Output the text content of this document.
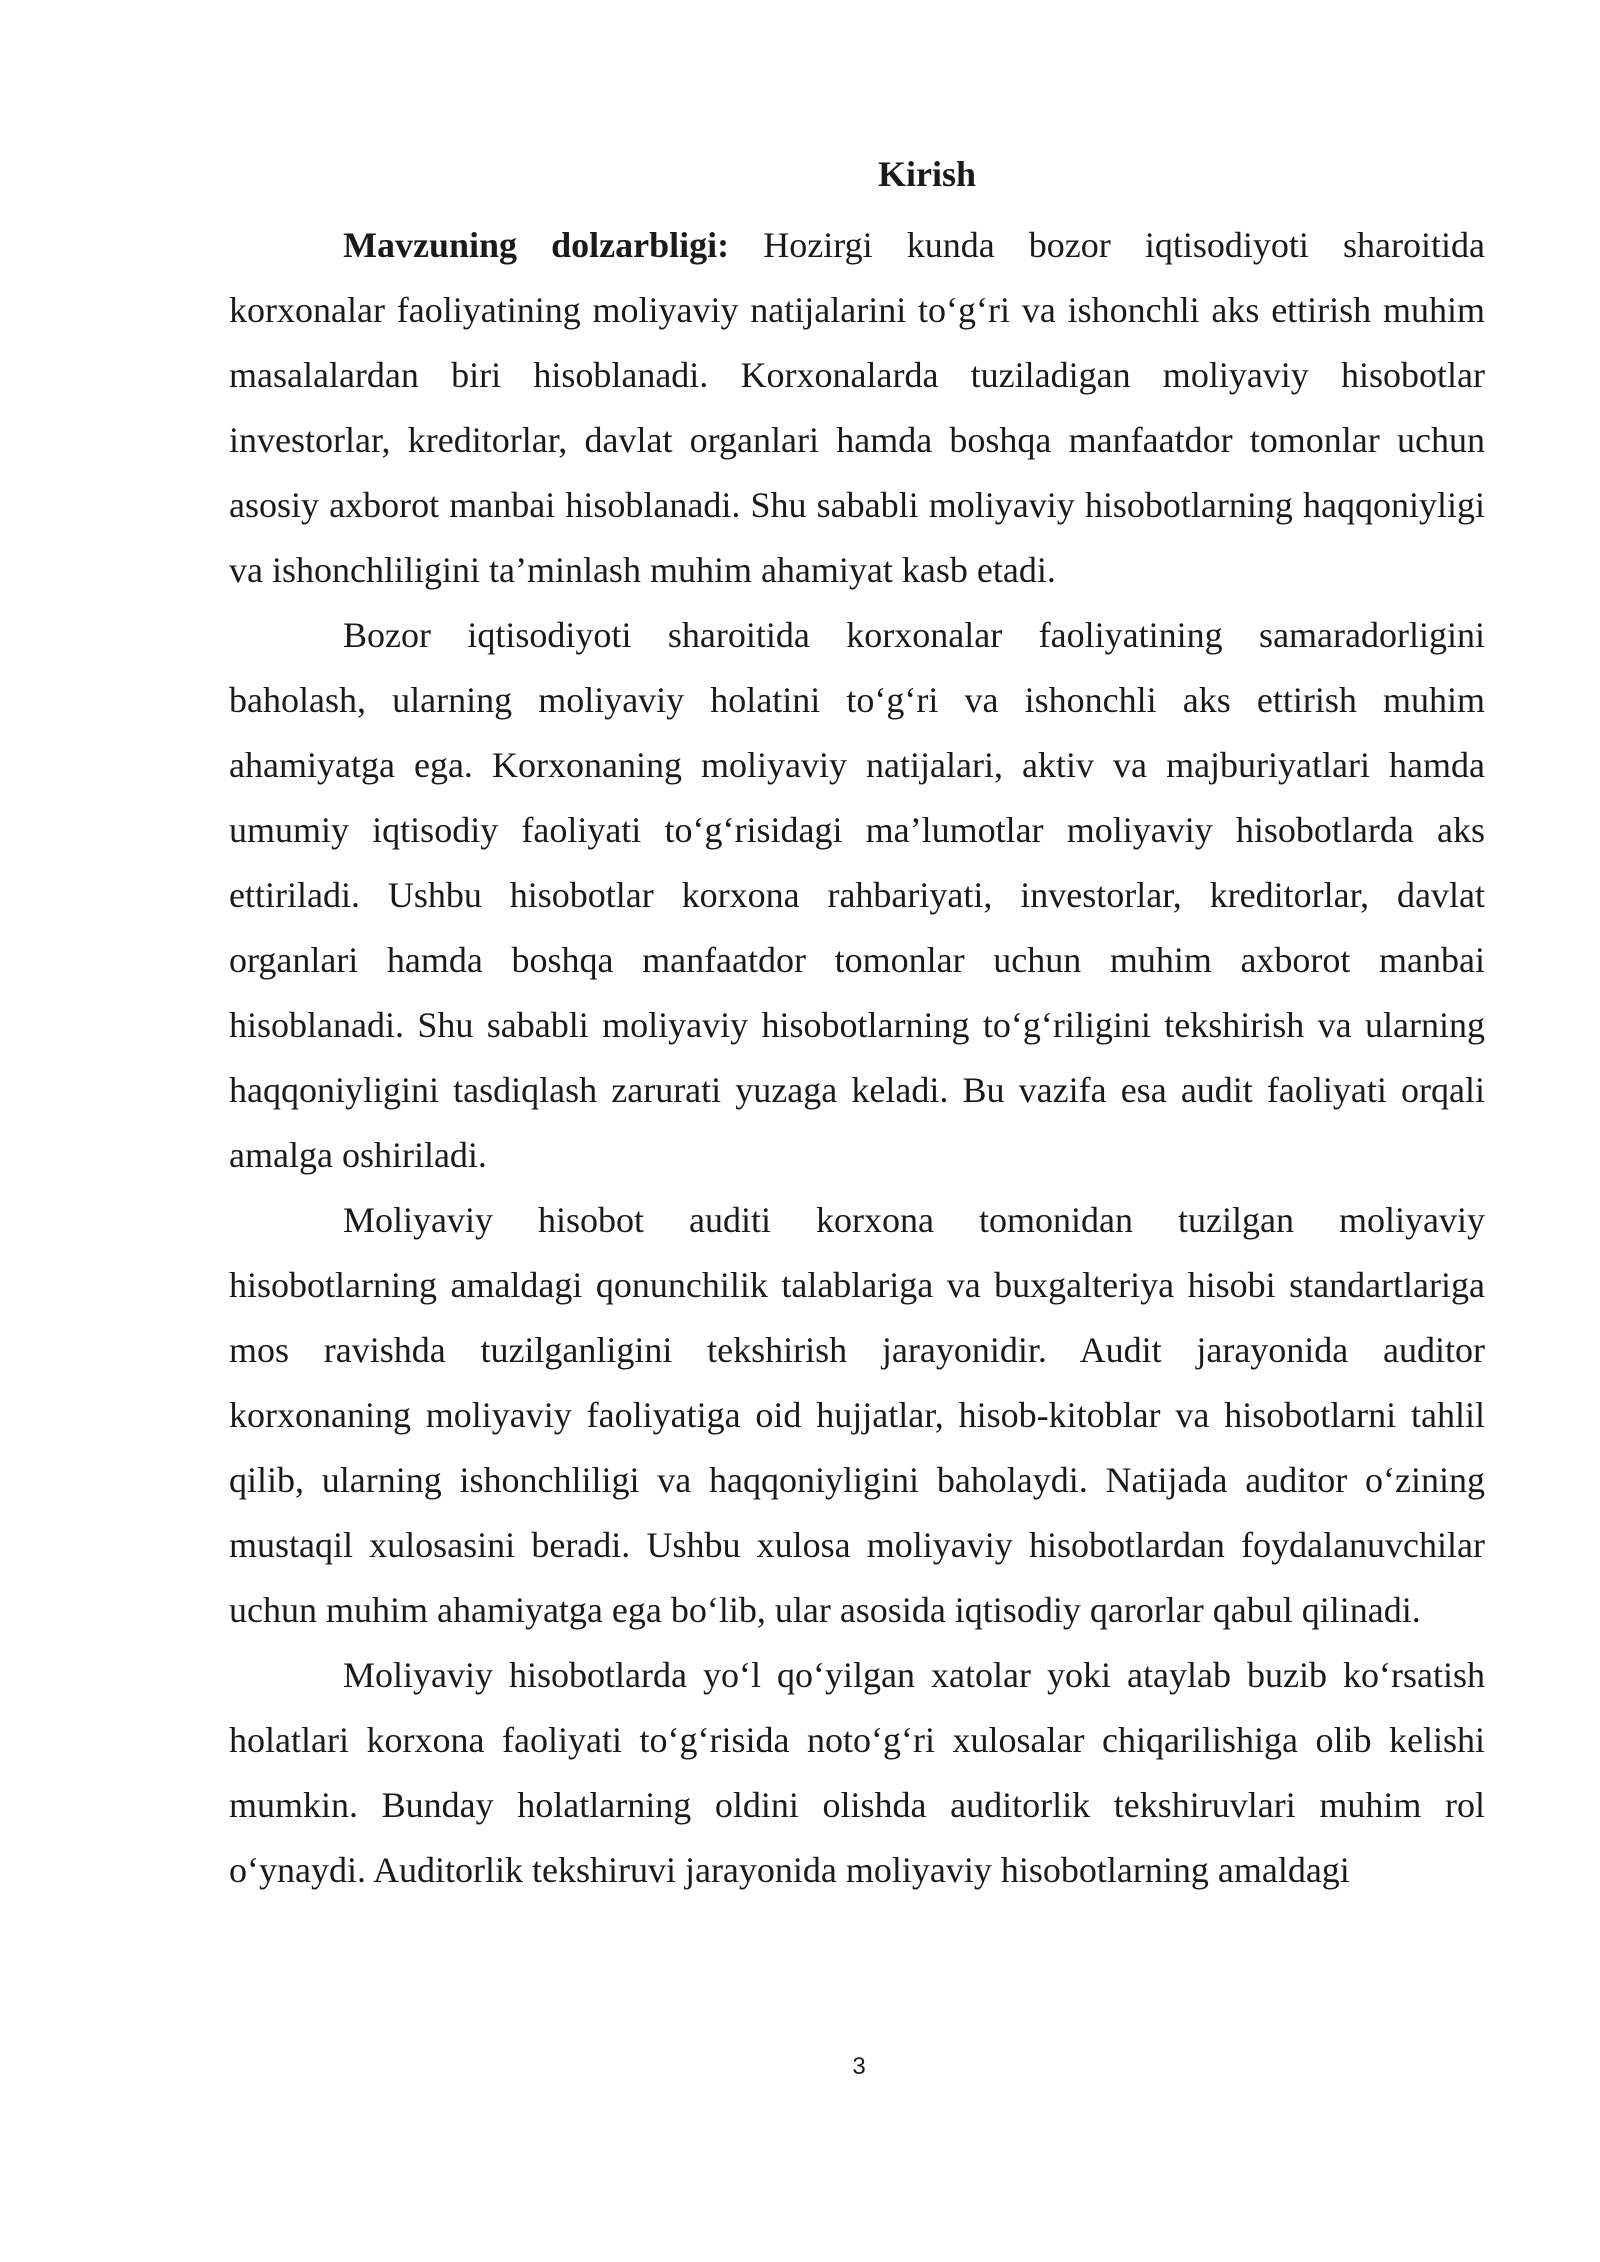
Kirish

Mavzuning dolzarbligi: Hozirgi kunda bozor iqtisodiyoti sharoitida korxonalar faoliyatining moliyaviy natijalarini to‘g‘ri va ishonchli aks ettirish muhim masalalardan biri hisoblanadi. Korxonalarda tuziladigan moliyaviy hisobotlar investorlar, kreditorlar, davlat organlari hamda boshqa manfaatdor tomonlar uchun asosiy axborot manbai hisoblanadi. Shu sababli moliyaviy hisobotlarning haqqoniyligi va ishonchliligini ta’minlash muhim ahamiyat kasb etadi.

Bozor iqtisodiyoti sharoitida korxonalar faoliyatining samaradorligini baholash, ularning moliyaviy holatini to‘g‘ri va ishonchli aks ettirish muhim ahamiyatga ega. Korxonaning moliyaviy natijalari, aktiv va majburiyatlari hamda umumiy iqtisodiy faoliyati to‘g‘risidagi ma’lumotlar moliyaviy hisobotlarda aks ettiriladi. Ushbu hisobotlar korxona rahbariyati, investorlar, kreditorlar, davlat organlari hamda boshqa manfaatdor tomonlar uchun muhim axborot manbai hisoblanadi. Shu sababli moliyaviy hisobotlarning to‘g‘riligini tekshirish va ularning haqqoniyligini tasdiqlash zarurati yuzaga keladi. Bu vazifa esa audit faoliyati orqali amalga oshiriladi.

Moliyaviy hisobot auditi korxona tomonidan tuzilgan moliyaviy hisobotlarning amaldagi qonunchilik talablariga va buxgalteriya hisobi standartlariga mos ravishda tuzilganligini tekshirish jarayonidir. Audit jarayonida auditor korxonaning moliyaviy faoliyatiga oid hujjatlar, hisob-kitoblar va hisobotlarni tahlil qilib, ularning ishonchliligi va haqqoniyligini baholaydi. Natijada auditor o‘zining mustaqil xulosasini beradi. Ushbu xulosa moliyaviy hisobotlardan foydalanuvchilar uchun muhim ahamiyatga ega bo‘lib, ular asosida iqtisodiy qarorlar qabul qilinadi.

Moliyaviy hisobotlarda yo‘l qo‘yilgan xatolar yoki ataylab buzib ko‘rsatish holatlari korxona faoliyati to‘g‘risida noto‘g‘ri xulosalar chiqarilishiga olib kelishi mumkin. Bunday holatlarning oldini olishda auditorlik tekshiruvlari muhim rol o‘ynaydi. Auditorlik tekshiruvi jarayonida moliyaviy hisobotlarning amaldagi

3
